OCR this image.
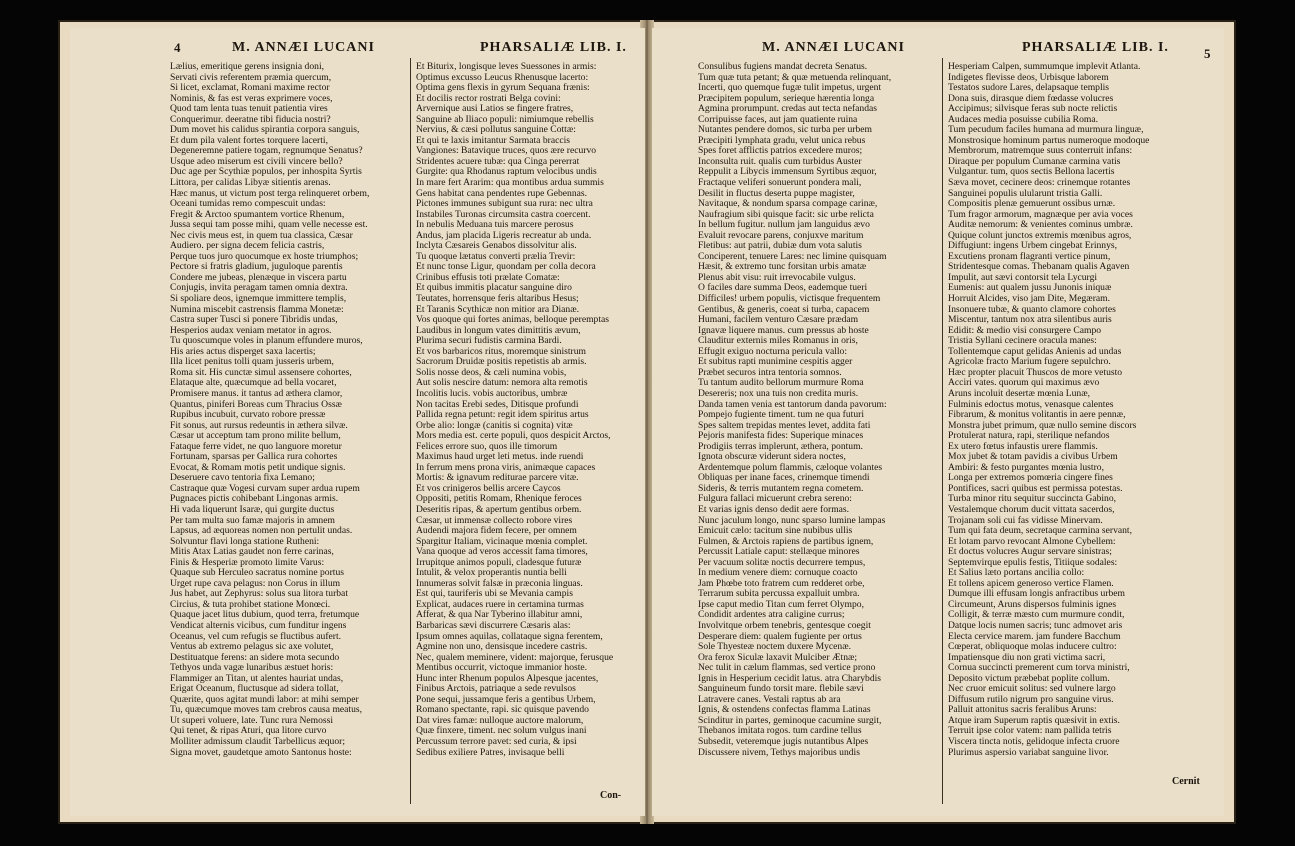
4	M. ANNÆI LUCANI	PHARSALIÆ LIB. I.
Lælius, emeritique gerens insignia doni,
Servati civis referentem præmia quercum,
Si licet, exclamat, Romani maxime rector
Nominis, & fas est veras exprimere voces,
Quod tam lenta tuas tenuit patientia vires
Conquerimur. deeratne tibi fiducia nostri?
Dum movet his calidus spirantia corpora sanguis,
Et dum pila valent fortes torquere lacerti,
Degeneremne patiere togam, regnumque Senatus?
Usque adeo miserum est civili vincere bello?
Duc age per Scythiæ populos, per inhospita Syrtis
Littora, per calidas Libyæ sitientis arenas.
Hæc manus, ut victum post terga relinqueret orbem,
Oceani tumidas remo compescuit undas:
Fregit & Arctoo spumantem vortice Rhenum,
Jussa sequi tam posse mihi, quam velle necesse est.
Nec civis meus est, in quem tua classica, Cæsar
Audiero. per signa decem felicia castris,
Perque tuos juro quocumque ex hoste triumphos;
Pectore si fratris gladium, juguloque parentis
Condere me jubeas, plenæque in viscera partu
Conjugis, invita peragam tamen omnia dextra.
Si spoliare deos, ignemque immittere templis,
Numina miscebit castrensis flamma Monetæ:
Castra super Tusci si ponere Tibridis undas,
Hesperios audax veniam metator in agros.
Tu quoscumque voles in planum effundere muros,
His aries actus disperget saxa lacertis;
Illa licet penitus tolli quam jusseris urbem,
Roma sit. His cunctæ simul assensere cohortes,
Elataque alte, quæcumque ad bella vocaret,
Promisere manus. it tantus ad æthera clamor,
Quantus, piniferi Boreas cum Thracius Ossæ
Rupibus incubuit, curvato robore pressæ
Fit sonus, aut rursus redeuntis in æthera silvæ.
Cæsar ut acceptum tam prono milite bellum,
Fataque ferre videt, ne quo languore moretur
Fortunam, sparsas per Gallica rura cohortes
Evocat, & Romam motis petit undique signis.
Deseruere cavo tentoria fixa Lemano;
Castraque quæ Vogesi curvam super ardua rupem
Pugnaces pictis cohibebant Lingonas armis.
Hi vada liquerunt Isaræ, qui gurgite ductus
Per tam multa suo famæ majoris in amnem
Lapsus, ad æquoreas nomen non pertulit undas.
Solvuntur flavi longa statione Rutheni:
Mitis Atax Latias gaudet non ferre carinas,
Finis & Hesperiæ promoto limite Varus:
Quaque sub Herculeo sacratus nomine portus
Urget rupe cava pelagus: non Corus in illum
Jus habet, aut Zephyrus: solus sua litora turbat
Circius, & tuta prohibet statione Monœci.
Quaque jacet litus dubium, quod terra, fretumque
Vendicat alternis vicibus, cum funditur ingens
Oceanus, vel cum refugis se fluctibus aufert.
Ventus ab extremo pelagus sic axe volutet,
Destituatque ferens: an sidere mota secundo
Tethyos unda vagæ lunaribus æstuet horis:
Flammiger an Titan, ut alentes hauriat undas,
Erigat Oceanum, fluctusque ad sidera tollat,
Quærite, quos agitat mundi labor: at mihi semper
Tu, quæcumque moves tam crebros causa meatus,
Ut superi voluere, late. Tunc rura Nemossi
Qui tenet, & ripas Aturi, qua litore curvo
Molliter admissum claudit Tarbellicus æquor;
Signa movet, gaudetque amoto Santonus hoste:
Et Biturix, longisque leves Suessones in armis:
Optimus excusso Leucus Rhenusque lacerto:
Optima gens flexis in gyrum Sequana frænis:
Et docilis rector rostrati Belga covini:
Arvernique ausi Latios se fingere fratres,
Sanguine ab Iliaco populi: nimiumque rebellis
Nervius, & cæsi pollutus sanguine Cottæ:
Et qui te laxis imitantur Sarmata braccis
Vangiones: Batavique truces, quos ære recurvo
Stridentes acuere tubæ: qua Cinga pererrat
Gurgite: qua Rhodanus raptum velocibus undis
In mare fert Ararim: qua montibus ardua summis
Gens habitat cana pendentes rupe Gebennas.
Pictones immunes subigunt sua rura: nec ultra
Instabiles Turonas circumsita castra coercent.
In nebulis Meduana tuis marcere perosus
Andus, jam placida Ligeris recreatur ab unda.
Inclyta Cæsareis Genabos dissolvitur alis.
Tu quoque lætatus converti prælia Trevir:
Et nunc tonse Ligur, quondam per colla decora
Crinibus effusis toti prælate Comatæ:
Et quibus immitis placatur sanguine diro
Teutates, horrensque feris altaribus Hesus;
Et Taranis Scythicæ non mitior ara Dianæ.
Vos quoque qui fortes animas, belloque peremptas
Laudibus in longum vates dimittitis ævum,
Plurima securi fudistis carmina Bardi.
Et vos barbaricos ritus, moremque sinistrum
Sacrorum Druidæ positis repetistis ab armis.
Solis nosse deos, & cæli numina vobis,
Aut solis nescire datum: nemora alta remotis
Incolitis lucis. vobis auctoribus, umbræ
Non tacitas Erebi sedes, Ditisque profundi
Pallida regna petunt: regit idem spiritus artus
Orbe alio: longæ (canitis si cognita) vitæ
Mors media est. certe populi, quos despicit Arctos,
Felices errore suo, quos ille timorum
Maximus haud urget leti metus. inde ruendi
In ferrum mens prona viris, animæque capaces
Mortis: & ignavum rediturae parcere vitæ.
Et vos crinigeros bellis arcere Caycos
Oppositi, petitis Romam, Rhenique feroces
Deseritis ripas, & apertum gentibus orbem.
Cæsar, ut immensæ collecto robore vires
Audendi majora fidem fecere, per omnem
Spargitur Italiam, vicinaque mœnia complet.
Vana quoque ad veros accessit fama timores,
Irrupitque animos populi, cladesque futuræ
Intulit, & velox properantis nuntia belli
Innumeras solvit falsæ in præconia linguas.
Est qui, tauriferis ubi se Mevania campis
Explicat, audaces ruere in certamina turmas
Afferat, & qua Nar Tyberino illabitur amni,
Barbaricas sævi discurrere Cæsaris alas:
Ipsum omnes aquilas, collataque signa ferentem,
Agmine non uno, densisque incedere castris.
Nec, qualem meminere, vident: majorque, ferusque
Mentibus occurrit, victoque immanior hoste.
Hunc inter Rhenum populos Alpesque jacentes,
Finibus Arctois, patriaque a sede revulsos
Pone sequi, jussamque feris a gentibus Urbem,
Romano spectante, rapi. sic quisque pavendo
Dat vires famæ: nulloque auctore malorum,
Quæ finxere, timent. nec solum vulgus inani
Percussum terrore pavet: sed curia, & ipsi
Sedibus exiliere Patres, invisaque belli
Con-
M. ANNÆI LUCANI	PHARSALIÆ LIB. I.	5
Consulibus fugiens mandat decreta Senatus.
Tum quæ tuta petant; & quæ metuenda relinquant,
Incerti, quo quemque fugæ tulit impetus, urgent
Præcipitem populum, serieque hærentia longa
Agmina prorumpunt. credas aut tecta nefandas
Corripuisse faces, aut jam quatiente ruina
Nutantes pendere domos, sic turba per urbem
Præcipiti lymphata gradu, velut unica rebus
Spes foret afflictis patrios excedere muros;
Inconsulta ruit. qualis cum turbidus Auster
Reppulit a Libycis immensum Syrtibus æquor,
Fractaque veliferi sonuerunt pondera mali,
Desilit in fluctus deserta puppe magister,
Navitaque, & nondum sparsa compage carinæ,
Naufragium sibi quisque facit: sic urbe relicta
In bellum fugitur. nullum jam languidus ævo
Evaluit revocare parens, conjuxve maritum
Fletibus: aut patrii, dubiæ dum vota salutis
Conciperent, tenuere Lares: nec limine quisquam
Hæsit, & extremo tunc forsitan urbis amatæ
Plenus abit visu: ruit irrevocabile vulgus.
O faciles dare summa Deos, eademque tueri
Difficiles! urbem populis, victisque frequentem
Gentibus, & generis, coeat si turba, capacem
Humani, facilem venturo Cæsare prædam
Ignavæ liquere manus. cum pressus ab hoste
Clauditur externis miles Romanus in oris,
Effugit exiguo nocturna pericula vallo:
Et subitus rapti munimine cespitis agger
Præbet securos intra tentoria somnos.
Tu tantum audito bellorum murmure Roma
Desereris; nox una tuis non credita muris.
Danda tamen venia est tantorum danda pavorum:
Pompejo fugiente timent. tum ne qua futuri
Spes saltem trepidas mentes levet, addita fati
Pejoris manifesta fides: Superique minaces
Prodigiis terras implerunt, æthera, pontum.
Ignota obscuræ viderunt sidera noctes,
Ardentemque polum flammis, cæloque volantes
Obliquas per inane faces, crinemque timendi
Sideris, & terris mutantem regna cometem.
Fulgura fallaci micuerunt crebra sereno:
Et varias ignis denso dedit aere formas.
Nunc jaculum longo, nunc sparso lumine lampas
Emicuit cælo: tacitum sine nubibus ullis
Fulmen, & Arctois rapiens de partibus ignem,
Percussit Latiale caput: stellæque minores
Per vacuum solitæ noctis decurrere tempus,
In medium venere diem: cornuque coacto
Jam Phœbe toto fratrem cum redderet orbe,
Terrarum subita percussa expalluit umbra.
Ipse caput medio Titan cum ferret Olympo,
Condidit ardentes atra caligine currus;
Involvitque orbem tenebris, gentesque coegit
Desperare diem: qualem fugiente per ortus
Sole Thyesteæ noctem duxere Mycenæ.
Ora ferox Siculæ laxavit Mulciber Ætnæ;
Nec tulit in cælum flammas, sed vertice prono
Ignis in Hesperium cecidit latus. atra Charybdis
Sanguineum fundo torsit mare. flebile sævi
Latravere canes. Vestali raptus ab ara
Ignis, & ostendens confectas flamma Latinas
Scinditur in partes, geminoque cacumine surgit,
Thebanos imitata rogos. tum cardine tellus
Subsedit, veteremque jugis nutantibus Alpes
Discussere nivem, Tethys majoribus undis
Hesperiam Calpen, summumque implevit Atlanta.
Indigetes flevisse deos, Urbisque laborem
Testatos sudore Lares, delapsaque templis
Dona suis, dirasque diem fœdasse volucres
Accipimus; silvisque feras sub nocte relictis
Audaces media posuisse cubilia Roma.
Tum pecudum faciles humana ad murmura linguæ,
Monstrosique hominum partus numeroque modoque
Membrorum, matremque suus conterruit infans:
Diraque per populum Cumanæ carmina vatis
Vulgantur. tum, quos sectis Bellona lacertis
Sæva movet, cecinere deos: crinemque rotantes
Sanguinei populis ulularunt tristia Galli.
Compositis plenæ gemuerunt ossibus urnæ.
Tum fragor armorum, magnæque per avia voces
Auditæ nemorum: & venientes cominus umbræ.
Quique colunt junctos extremis mœnibus agros,
Diffugiunt: ingens Urbem cingebat Erinnys,
Excutiens pronam flagranti vertice pinum,
Stridentesque comas. Thebanam qualis Agaven
Impulit, aut sævi contorsit tela Lycurgi
Eumenis: aut qualem jussu Junonis iniquæ
Horruit Alcides, viso jam Dite, Megæram.
Insonuere tubæ, & quanto clamore cohortes
Miscentur, tantum nox atra silentibus auris
Edidit: & medio visi consurgere Campo
Tristia Syllani cecinere oracula manes:
Tollentemque caput gelidas Anienis ad undas
Agricolæ fracto Marium fugere sepulchro.
Hæc propter placuit Thuscos de more vetusto
Acciri vates. quorum qui maximus ævo
Aruns incoluit desertæ mœnia Lunæ,
Fulminis edoctus motus, venasque calentes
Fibrarum, & monitus volitantis in aere pennæ,
Monstra jubet primum, quæ nullo semine discors
Protulerat natura, rapi, sterilique nefandos
Ex utero fœtus infaustis urere flammis.
Mox jubet & totam pavidis a civibus Urbem
Ambiri: & festo purgantes mœnia lustro,
Longa per extremos pomœria cingere fines
Pontifices, sacri quibus est permissa potestas.
Turba minor ritu sequitur succincta Gabino,
Vestalemque chorum ducit vittata sacerdos,
Trojanam soli cui fas vidisse Minervam.
Tum qui fata deum, secretaque carmina servant,
Et lotam parvo revocant Almone Cybellem:
Et doctus volucres Augur servare sinistras;
Septemvirque epulis festis, Titiique sodales:
Et Salius læto portans ancilia collo:
Et tollens apicem generoso vertice Flamen.
Dumque illi effusam longis anfractibus urbem
Circumeunt, Aruns dispersos fulminis ignes
Colligit, & terræ mæsto cum murmure condit,
Datque locis numen sacris; tunc admovet aris
Electa cervice marem. jam fundere Bacchum
Cœperat, obliquoque molas inducere cultro:
Impatiensque diu non grati victima sacri,
Cornua succincti premerent cum torva ministri,
Deposito victum præbebat poplite collum.
Nec cruor emicuit solitus: sed vulnere largo
Diffusum rutilo nigrum pro sanguine virus.
Palluit attonitus sacris feralibus Aruns:
Atque iram Superum raptis quæsivit in extis.
Terruit ipse color vatem: nam pallida tetris
Viscera tincta notis, gelidoque infecta cruore
Plurimus aspersio variabat sanguine livor.
Cernit
